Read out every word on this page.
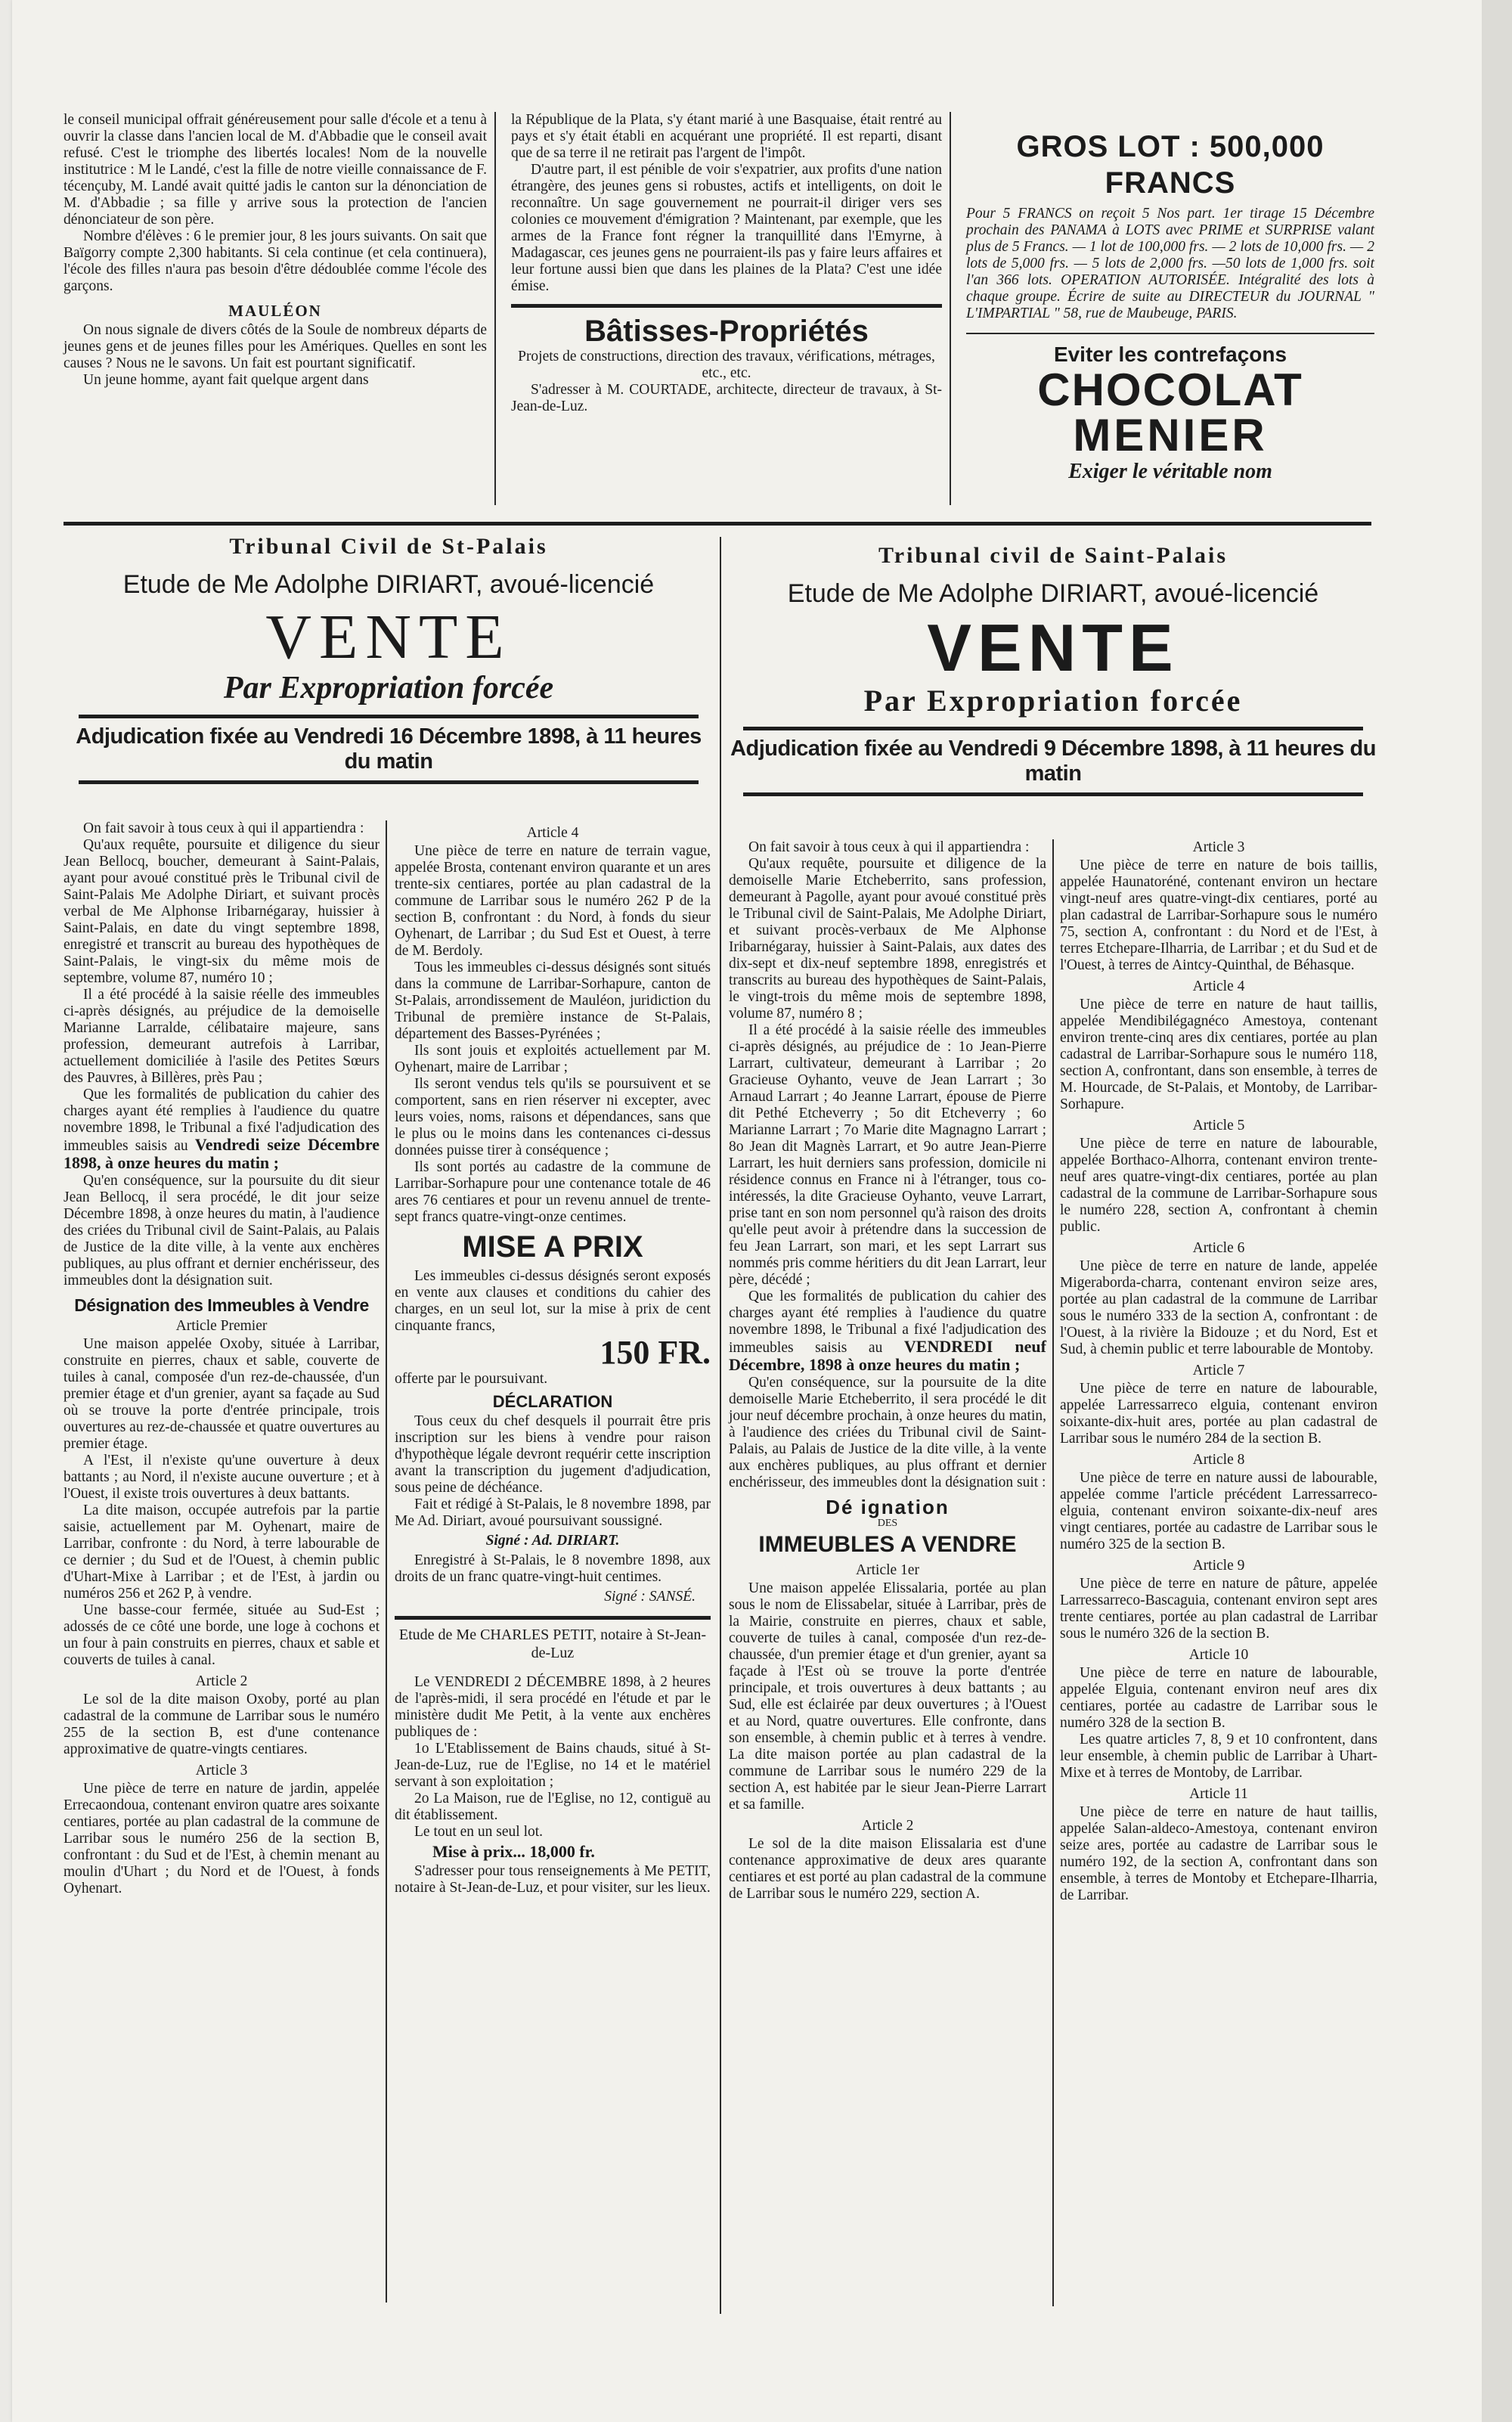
le conseil municipal offrait généreusement pour salle d'école et a tenu à ouvrir la classe dans l'ancien local de M. d'Abbadie que le conseil avait refusé. C'est le triomphe des libertés locales! Nom de la nouvelle institutrice : M le Landé, c'est la fille de notre vieille connaissance de F. técençuby, M. Landé avait quitté jadis le canton sur la dénonciation de M. d'Abbadie ; sa fille y arrive sous la protection de l'ancien dénonciateur de son père.

Nombre d'élèves : 6 le premier jour, 8 les jours suivants. On sait que Baïgorry compte 2,300 habitants. Si cela continue (et cela continuera), l'école des filles n'aura pas besoin d'être dédoublée comme l'école des garçons.

MAULÉON

On nous signale de divers côtés de la Soule de nombreux départs de jeunes gens et de jeunes filles pour les Amériques. Quelles en sont les causes ? Nous ne le savons. Un fait est pourtant significatif.

Un jeune homme, ayant fait quelque argent dans

la République de la Plata, s'y étant marié à une Basquaise, était rentré au pays et s'y était établi en acquérant une propriété. Il est reparti, disant que de sa terre il ne retirait pas l'argent de l'impôt.

D'autre part, il est pénible de voir s'expatrier, aux profits d'une nation étrangère, des jeunes gens si robustes, actifs et intelligents, on doit le reconnaître. Un sage gouvernement ne pourrait-il diriger vers ses colonies ce mouvement d'émigration ? Maintenant, par exemple, que les armes de la France font régner la tranquillité dans l'Emyrne, à Madagascar, ces jeunes gens ne pourraient-ils pas y faire leurs affaires et leur fortune aussi bien que dans les plaines de la Plata? C'est une idée émise.

Bâtisses-Propriétés

Projets de constructions, direction des travaux, vérifications, métrages, etc., etc.

S'adresser à M. COURTADE, architecte, directeur de travaux, à St-Jean-de-Luz.

GROS LOT : 500,000 FRANCS

Pour 5 FRANCS on reçoit 5 Nos part. 1er tirage 15 Décembre prochain des PANAMA à LOTS avec PRIME et SURPRISE valant plus de 5 Francs. — 1 lot de 100,000 frs. — 2 lots de 10,000 frs. — 2 lots de 5,000 frs. — 5 lots de 2,000 frs. —50 lots de 1,000 frs. soit l'an 366 lots. OPERATION AUTORISÉE. Intégralité des lots à chaque groupe. Écrire de suite au DIRECTEUR du JOURNAL " L'IMPARTIAL " 58, rue de Maubeuge, PARIS.

Eviter les contrefaçons
CHOCOLAT
MENIER
Exiger le véritable nom
Tribunal Civil de St-Palais
Etude de Me Adolphe DIRIART, avoué-licencié
VENTE
Par Expropriation forcée
Adjudication fixée au Vendredi 16 Décembre 1898, à 11 heures du matin
Tribunal civil de Saint-Palais
Etude de Me Adolphe DIRIART, avoué-licencié
VENTE
Par Expropriation forcée
Adjudication fixée au Vendredi 9 Décembre 1898, à 11 heures du matin

On fait savoir à tous ceux à qui il appartiendra :

Qu'aux requête, poursuite et diligence du sieur Jean Bellocq, boucher, demeurant à Saint-Palais, ayant pour avoué constitué près le Tribunal civil de Saint-Palais Me Adolphe Diriart, et suivant procès verbal de Me Alphonse Iribarnégaray, huissier à Saint-Palais, en date du vingt septembre 1898, enregistré et transcrit au bureau des hypothèques de Saint-Palais, le vingt-six du même mois de septembre, volume 87, numéro 10 ;

Il a été procédé à la saisie réelle des immeubles ci-après désignés, au préjudice de la demoiselle Marianne Larralde, célibataire majeure, sans profession, demeurant autrefois à Larribar, actuellement domiciliée à l'asile des Petites Sœurs des Pauvres, à Billères, près Pau ;

Que les formalités de publication du cahier des charges ayant été remplies à l'audience du quatre novembre 1898, le Tribunal a fixé l'adjudication des immeubles saisis au Vendredi seize Décembre 1898, à onze heures du matin ;

Qu'en conséquence, sur la poursuite du dit sieur Jean Bellocq, il sera procédé, le dit jour seize Décembre 1898, à onze heures du matin, à l'audience des criées du Tribunal civil de Saint-Palais, au Palais de Justice de la dite ville, à la vente aux enchères publiques, au plus offrant et dernier enchérisseur, des immeubles dont la désignation suit.

Désignation des Immeubles à Vendre
Article Premier

Une maison appelée Oxoby, située à Larribar, construite en pierres, chaux et sable, couverte de tuiles à canal, composée d'un rez-de-chaussée, d'un premier étage et d'un grenier, ayant sa façade au Sud où se trouve la porte d'entrée principale, trois ouvertures au rez-de-chaussée et quatre ouvertures au premier étage.

A l'Est, il n'existe qu'une ouverture à deux battants ; au Nord, il n'existe aucune ouverture ; et à l'Ouest, il existe trois ouvertures à deux battants.

La dite maison, occupée autrefois par la partie saisie, actuellement par M. Oyhenart, maire de Larribar, confronte : du Nord, à terre labourable de ce dernier ; du Sud et de l'Ouest, à chemin public d'Uhart-Mixe à Larribar ; et de l'Est, à jardin ou numéros 256 et 262 P, à vendre.

Une basse-cour fermée, située au Sud-Est ; adossés de ce côté une borde, une loge à cochons et un four à pain construits en pierres, chaux et sable et couverts de tuiles à canal.

Article 2

Le sol de la dite maison Oxoby, porté au plan cadastral de la commune de Larribar sous le numéro 255 de la section B, est d'une contenance approximative de quatre-vingts centiares.

Article 3

Une pièce de terre en nature de jardin, appelée Errecaondoua, contenant environ quatre ares soixante centiares, portée au plan cadastral de la commune de Larribar sous le numéro 256 de la section B, confrontant : du Sud et de l'Est, à chemin menant au moulin d'Uhart ; du Nord et de l'Ouest, à fonds Oyhenart.

Article 4

Une pièce de terre en nature de terrain vague, appelée Brosta, contenant environ quarante et un ares trente-six centiares, portée au plan cadastral de la commune de Larribar sous le numéro 262 P de la section B, confrontant : du Nord, à fonds du sieur Oyhenart, de Larribar ; du Sud Est et Ouest, à terre de M. Berdoly.

Tous les immeubles ci-dessus désignés sont situés dans la commune de Larribar-Sorhapure, canton de St-Palais, arrondissement de Mauléon, juridiction du Tribunal de première instance de St-Palais, département des Basses-Pyrénées ;

Ils sont jouis et exploités actuellement par M. Oyhenart, maire de Larribar ;

Ils seront vendus tels qu'ils se poursuivent et se comportent, sans en rien réserver ni excepter, avec leurs voies, noms, raisons et dépendances, sans que le plus ou le moins dans les contenances ci-dessus données puisse tirer à conséquence ;

Ils sont portés au cadastre de la commune de Larribar-Sorhapure pour une contenance totale de 46 ares 76 centiares et pour un revenu annuel de trente-sept francs quatre-vingt-onze centimes.

MISE A PRIX

Les immeubles ci-dessus désignés seront exposés en vente aux clauses et conditions du cahier des charges, en un seul lot, sur la mise à prix de cent cinquante francs,

150 FR.

offerte par le poursuivant.

DÉCLARATION

Tous ceux du chef desquels il pourrait être pris inscription sur les biens à vendre pour raison d'hypothèque légale devront requérir cette inscription avant la transcription du jugement d'adjudication, sous peine de déchéance.

Fait et rédigé à St-Palais, le 8 novembre 1898, par Me Ad. Diriart, avoué poursuivant soussigné.

Signé : Ad. DIRIART.

Enregistré à St-Palais, le 8 novembre 1898, aux droits de un franc quatre-vingt-huit centimes.

Signé : SANSÉ.
Etude de Me CHARLES PETIT, notaire à St-Jean-de-Luz

Le VENDREDI 2 DÉCEMBRE 1898, à 2 heures de l'après-midi, il sera procédé en l'étude et par le ministère dudit Me Petit, à la vente aux enchères publiques de :

1o L'Etablissement de Bains chauds, situé à St-Jean-de-Luz, rue de l'Eglise, no 14 et le matériel servant à son exploitation ;

2o La Maison, rue de l'Eglise, no 12, contiguë au dit établissement.

Le tout en un seul lot.

Mise à prix... 18,000 fr.

S'adresser pour tous renseignements à Me PETIT, notaire à St-Jean-de-Luz, et pour visiter, sur les lieux.

On fait savoir à tous ceux à qui il appartiendra :

Qu'aux requête, poursuite et diligence de la demoiselle Marie Etcheberrito, sans profession, demeurant à Pagolle, ayant pour avoué constitué près le Tribunal civil de Saint-Palais, Me Adolphe Diriart, et suivant procès-verbaux de Me Alphonse Iribarnégaray, huissier à Saint-Palais, aux dates des dix-sept et dix-neuf septembre 1898, enregistrés et transcrits au bureau des hypothèques de Saint-Palais, le vingt-trois du même mois de septembre 1898, volume 87, numéro 8 ;

Il a été procédé à la saisie réelle des immeubles ci-après désignés, au préjudice de : 1o Jean-Pierre Larrart, cultivateur, demeurant à Larribar ; 2o Gracieuse Oyhanto, veuve de Jean Larrart ; 3o Arnaud Larrart ; 4o Jeanne Larrart, épouse de Pierre dit Pethé Etcheverry ; 5o dit Etcheverry ; 6o Marianne Larrart ; 7o Marie dite Magnagno Larrart ; 8o Jean dit Magnès Larrart, et 9o autre Jean-Pierre Larrart, les huit derniers sans profession, domicile ni résidence connus en France ni à l'étranger, tous co-intéressés, la dite Gracieuse Oyhanto, veuve Larrart, prise tant en son nom personnel qu'à raison des droits qu'elle peut avoir à prétendre dans la succession de feu Jean Larrart, son mari, et les sept Larrart sus nommés pris comme héritiers du dit Jean Larrart, leur père, décédé ;

Que les formalités de publication du cahier des charges ayant été remplies à l'audience du quatre novembre 1898, le Tribunal a fixé l'adjudication des immeubles saisis au VENDREDI neuf Décembre, 1898 à onze heures du matin ;

Qu'en conséquence, sur la poursuite de la dite demoiselle Marie Etcheberrito, il sera procédé le dit jour neuf décembre prochain, à onze heures du matin, à l'audience des criées du Tribunal civil de Saint-Palais, au Palais de Justice de la dite ville, à la vente aux enchères publiques, au plus offrant et dernier enchérisseur, des immeubles dont la désignation suit :

Dé ignation
DES
IMMEUBLES A VENDRE
Article 1er

Une maison appelée Elissalaria, portée au plan sous le nom de Elissabelar, située à Larribar, près de la Mairie, construite en pierres, chaux et sable, couverte de tuiles à canal, composée d'un rez-de-chaussée, d'un premier étage et d'un grenier, ayant sa façade à l'Est où se trouve la porte d'entrée principale, et trois ouvertures à deux battants ; au Sud, elle est éclairée par deux ouvertures ; à l'Ouest et au Nord, quatre ouvertures. Elle confronte, dans son ensemble, à chemin public et à terres à vendre. La dite maison portée au plan cadastral de la commune de Larribar sous le numéro 229 de la section A, est habitée par le sieur Jean-Pierre Larrart et sa famille.

Article 2

Le sol de la dite maison Elissalaria est d'une contenance approximative de deux ares quarante centiares et est porté au plan cadastral de la commune de Larribar sous le numéro 229, section A.

Article 3

Une pièce de terre en nature de bois taillis, appelée Haunatoréné, contenant environ un hectare vingt-neuf ares quatre-vingt-dix centiares, porté au plan cadastral de Larribar-Sorhapure sous le numéro 75, section A, confrontant : du Nord et de l'Est, à terres Etchepare-Ilharria, de Larribar ; et du Sud et de l'Ouest, à terres de Aintcy-Quinthal, de Béhasque.

Article 4

Une pièce de terre en nature de haut taillis, appelée Mendibilégagnéco Amestoya, contenant environ trente-cinq ares dix centiares, portée au plan cadastral de Larribar-Sorhapure sous le numéro 118, section A, confrontant, dans son ensemble, à terres de M. Hourcade, de St-Palais, et Montoby, de Larribar-Sorhapure.

Article 5

Une pièce de terre en nature de labourable, appelée Borthaco-Alhorra, contenant environ trente-neuf ares quatre-vingt-dix centiares, portée au plan cadastral de la commune de Larribar-Sorhapure sous le numéro 228, section A, confrontant à chemin public.

Article 6

Une pièce de terre en nature de lande, appelée Migeraborda-charra, contenant environ seize ares, portée au plan cadastral de la commune de Larribar sous le numéro 333 de la section A, confrontant : de l'Ouest, à la rivière la Bidouze ; et du Nord, Est et Sud, à chemin public et terre labourable de Montoby.

Article 7

Une pièce de terre en nature de labourable, appelée Larressarreco elguia, contenant environ soixante-dix-huit ares, portée au plan cadastral de Larribar sous le numéro 284 de la section B.

Article 8

Une pièce de terre en nature aussi de labourable, appelée comme l'article précédent Larressarreco-elguia, contenant environ soixante-dix-neuf ares vingt centiares, portée au cadastre de Larribar sous le numéro 325 de la section B.

Article 9

Une pièce de terre en nature de pâture, appelée Larressarreco-Bascaguia, contenant environ sept ares trente centiares, portée au plan cadastral de Larribar sous le numéro 326 de la section B.

Article 10

Une pièce de terre en nature de labourable, appelée Elguia, contenant environ neuf ares dix centiares, portée au cadastre de Larribar sous le numéro 328 de la section B.

Les quatre articles 7, 8, 9 et 10 confrontent, dans leur ensemble, à chemin public de Larribar à Uhart-Mixe et à terres de Montoby, de Larribar.

Article 11

Une pièce de terre en nature de haut taillis, appelée Salan-aldeco-Amestoya, contenant environ seize ares, portée au cadastre de Larribar sous le numéro 192, de la section A, confrontant dans son ensemble, à terres de Montoby et Etchepare-Ilharria, de Larribar.
